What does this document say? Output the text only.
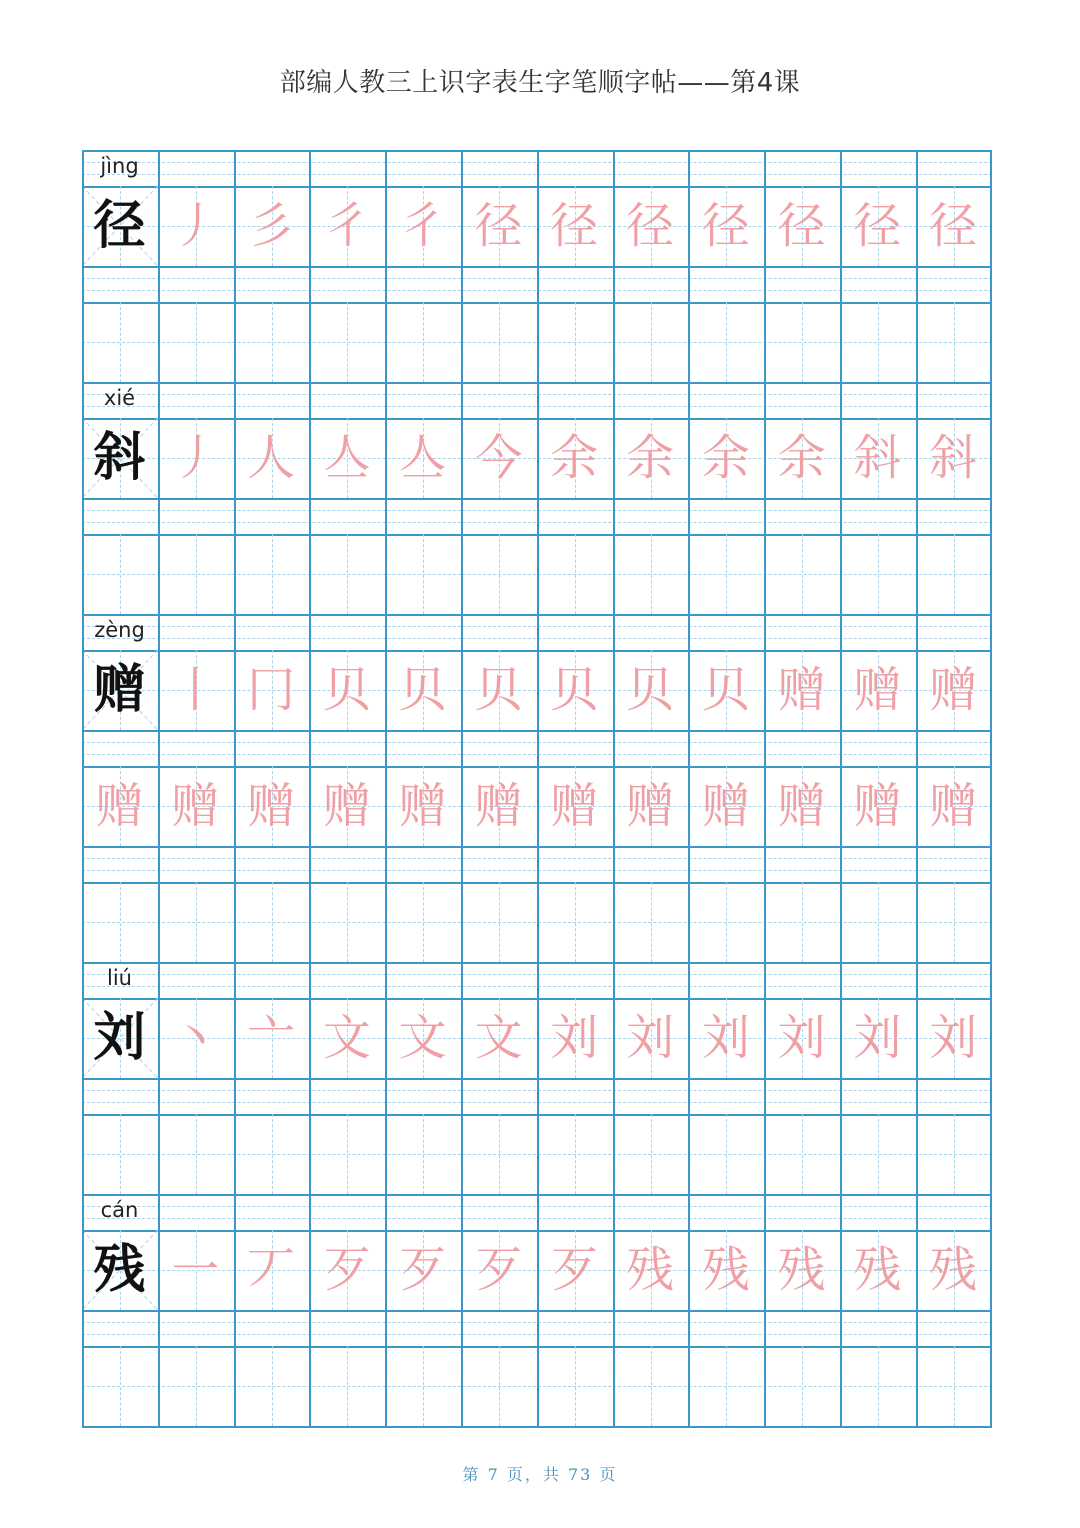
部编人教三上识字表生字笔顺字帖——第4课
jìng
径 丿 彡 彳 彳 径 径 径 径 径 径 径
xié
斜 丿 人 亼 亼 今 余 余 余 余 斜 斜
zèng
赠 丨 冂 贝 贝 贝 贝 贝 贝 赠 赠 赠
赠 赠 赠 赠 赠 赠 赠 赠 赠 赠 赠 赠
liú
刘 丶 亠 文 文 文 刘 刘 刘 刘 刘 刘
cán
残 一 丆 歹 歹 歹 歹 残 残 残 残 残
第 7 页，共 73 页
